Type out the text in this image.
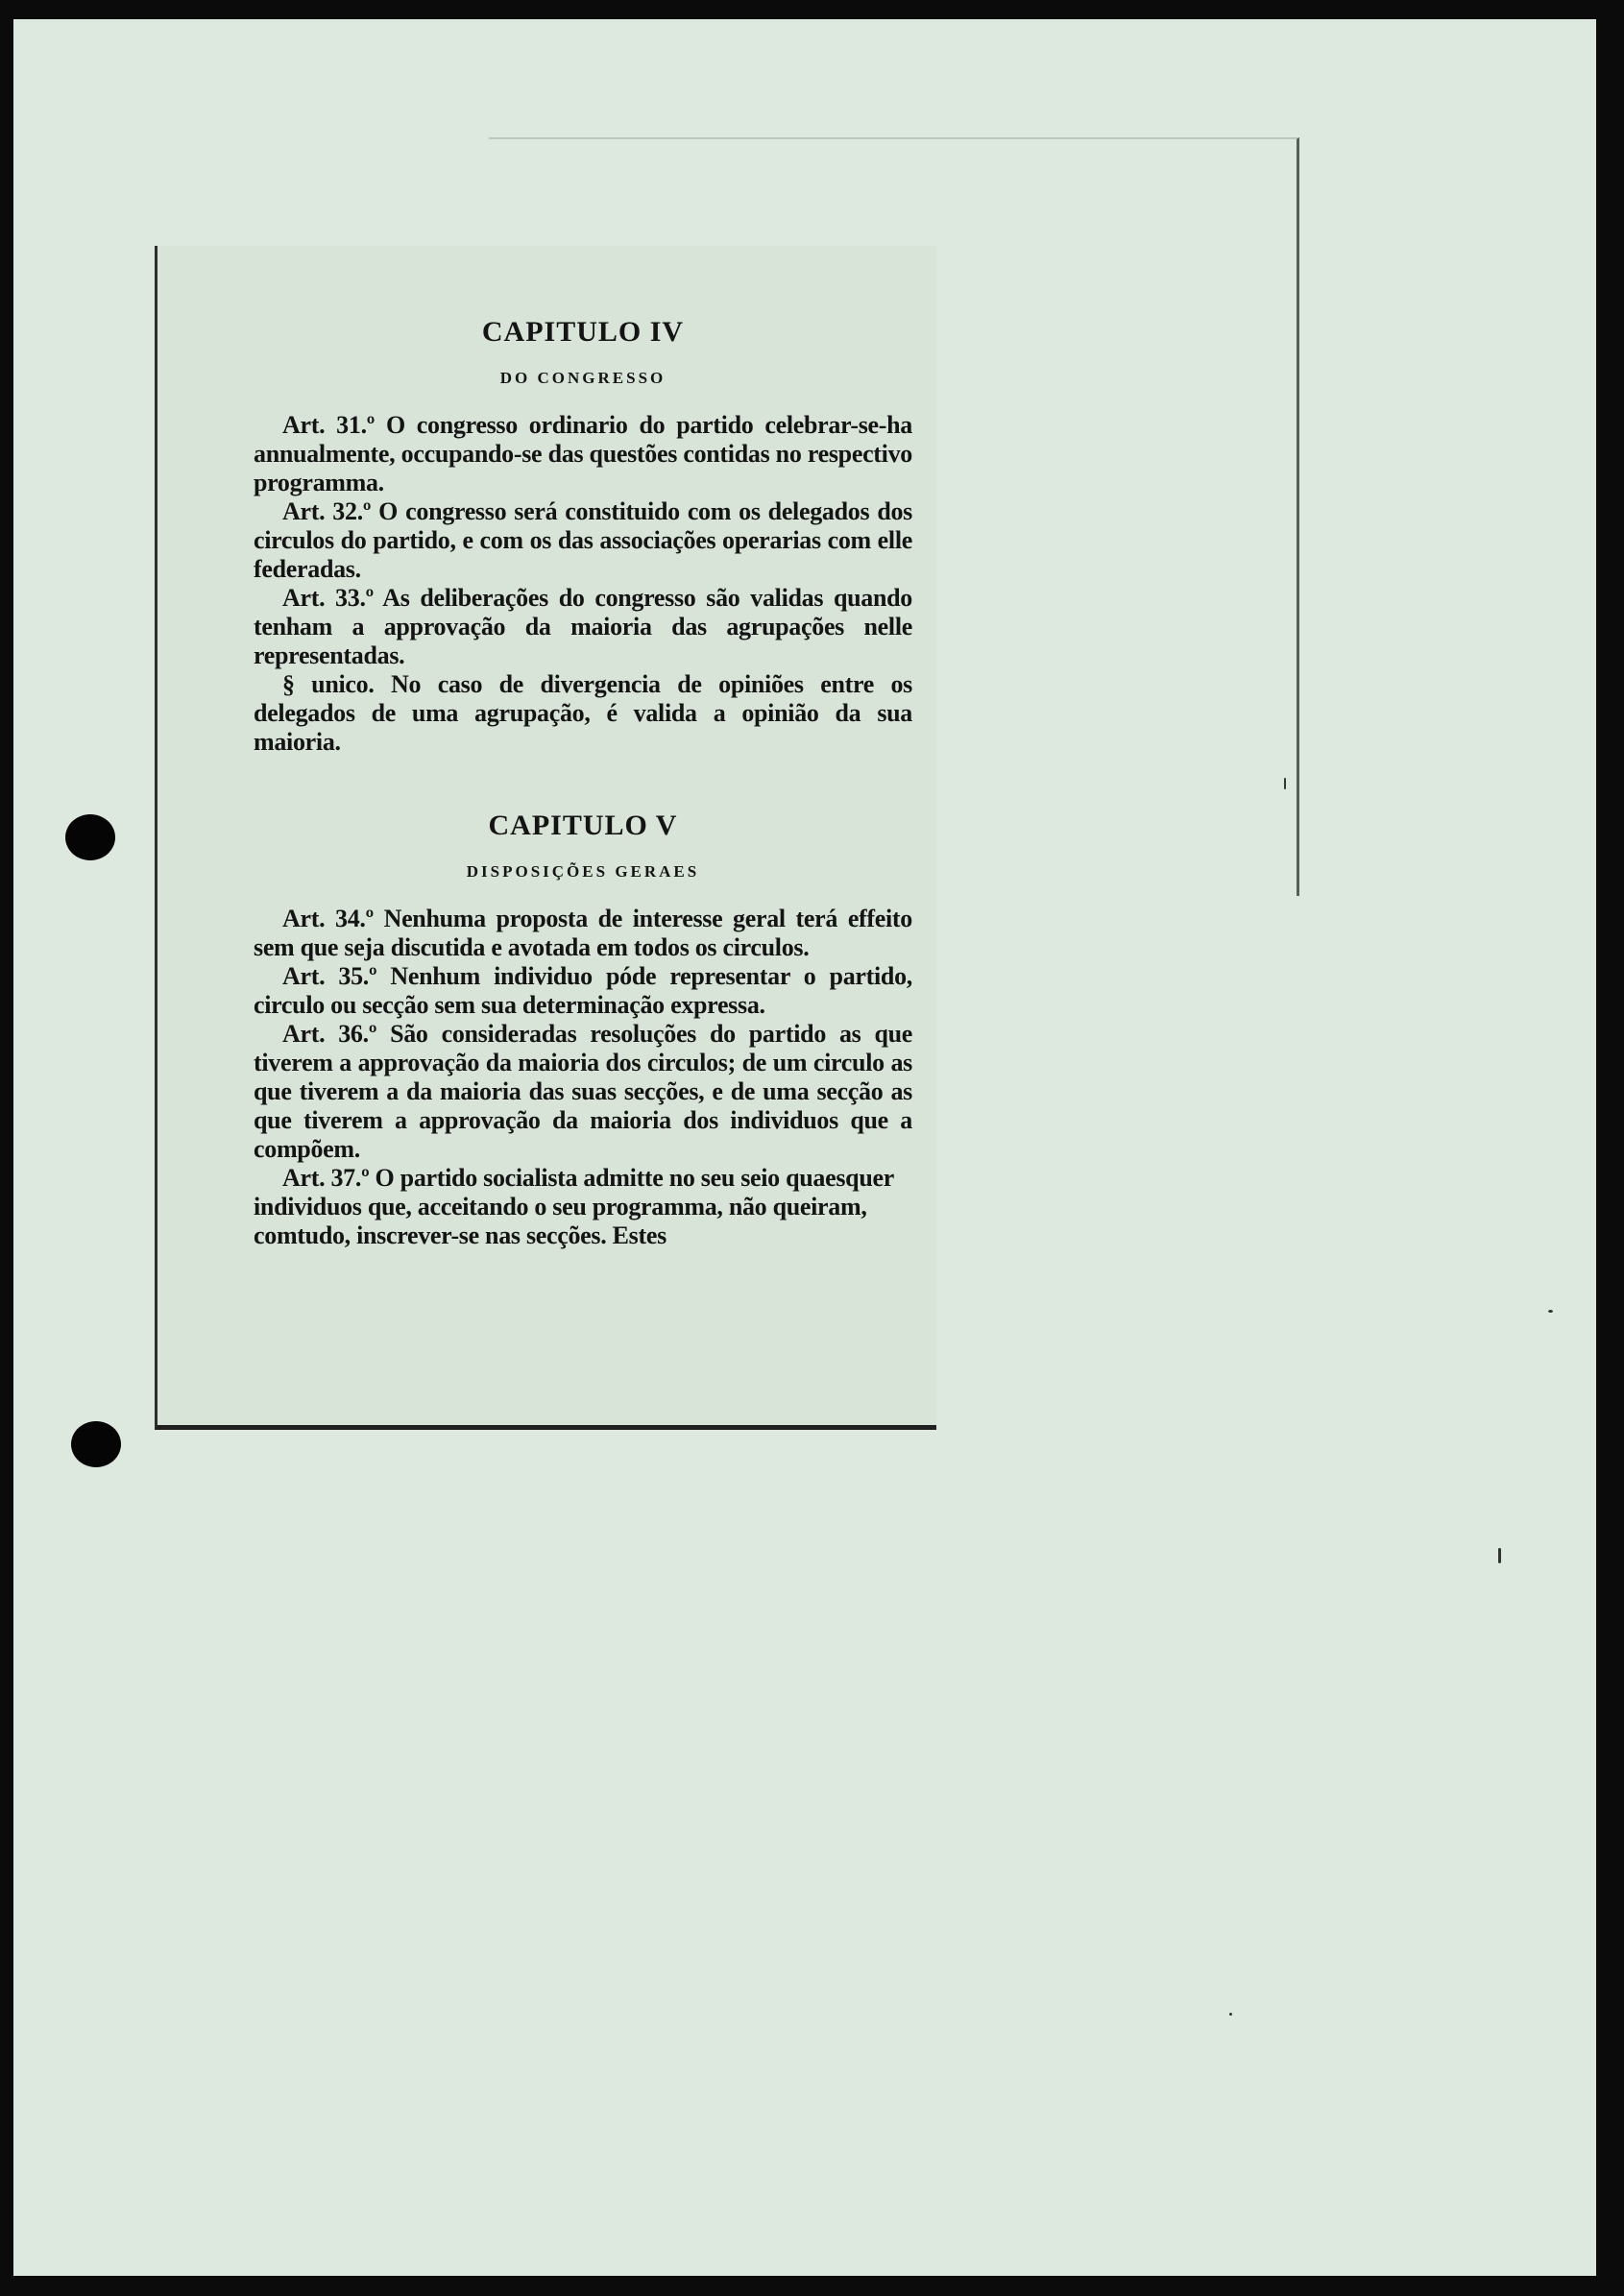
CAPITULO IV
DO CONGRESSO

Art. 31.º O congresso ordinario do partido celebrar-se-ha annualmente, occupando-se das questões contidas no respectivo programma.

Art. 32.º O congresso será constituido com os delegados dos circulos do partido, e com os das associações operarias com elle federadas.

Art. 33.º As deliberações do congresso são validas quando tenham a approvação da maioria das agrupações nelle representadas.

§ unico. No caso de divergencia de opiniões entre os delegados de uma agrupação, é valida a opinião da sua maioria.

CAPITULO V
DISPOSIÇÕES GERAES

Art. 34.º Nenhuma proposta de interesse geral terá effeito sem que seja discutida e avotada em todos os circulos.

Art. 35.º Nenhum individuo póde representar o partido, circulo ou secção sem sua determinação expressa.

Art. 36.º São consideradas resoluções do partido as que tiverem a approvação da maioria dos circulos; de um circulo as que tiverem a da maioria das suas secções, e de uma secção as que tiverem a approvação da maioria dos individuos que a compõem.

Art. 37.º O partido socialista admitte no seu seio quaesquer individuos que, acceitando o seu programma, não queiram, comtudo, inscrever-se nas secções. Estes
